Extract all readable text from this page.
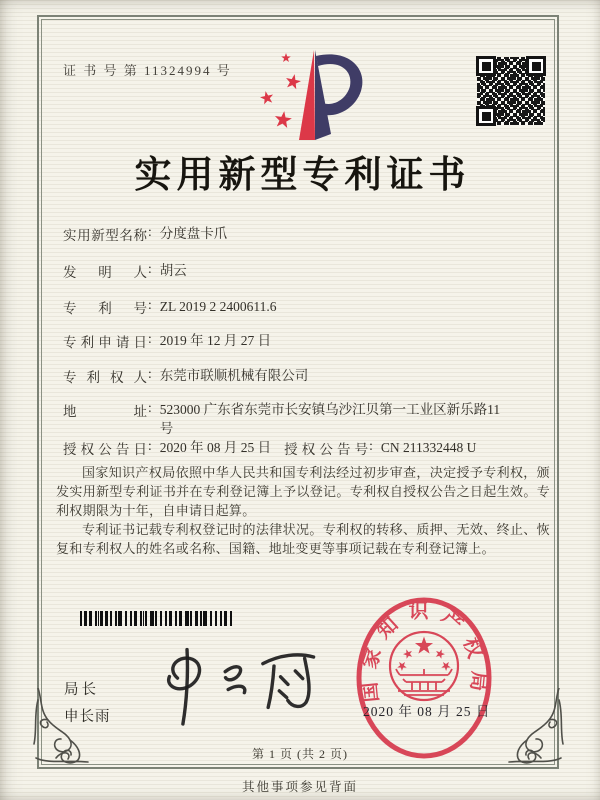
证 书 号 第 11324994 号
实用新型专利证书
实用新型名称: 分度盘卡爪
发明人: 胡云
专利号: ZL 2019 2 2400611.6
专利申请日: 2019 年 12 月 27 日
专利权人: 东莞市联顺机械有限公司
地址: 523000 广东省东莞市长安镇乌沙江贝第一工业区新乐路11号
授权公告日: 2020 年 08 月 25 日 授权公告号: CN 211332448 U

国家知识产权局依照中华人民共和国专利法经过初步审查，决定授予专利权，颁发实用新型专利证书并在专利登记簿上予以登记。专利权自授权公告之日起生效。专利权期限为十年，自申请日起算。

专利证书记载专利权登记时的法律状况。专利权的转移、质押、无效、终止、恢复和专利权人的姓名或名称、国籍、地址变更等事项记载在专利登记簿上。

局长
申长雨
国家知识产权局
2020 年 08 月 25 日
第 1 页 (共 2 页)
其他事项参见背面
